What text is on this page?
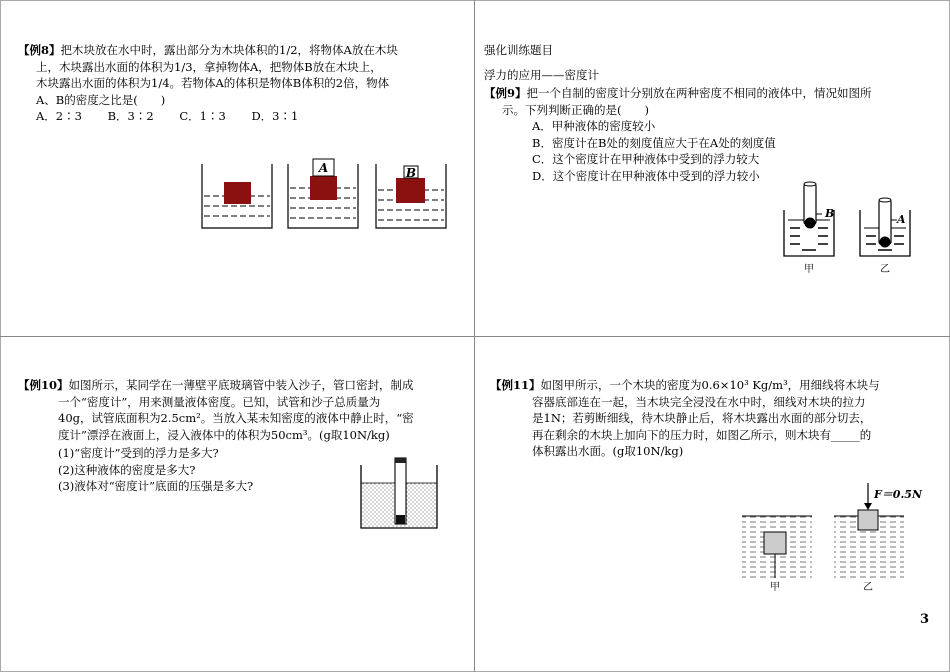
【例8】把木块放在水中时，露出部分为木块体积的1/2，将物体A放在木块
上，木块露出水面的体积为1/3，拿掉物体A，把物体B放在木块上，
木块露出水面的体积为1/4。若物体A的体积是物体B体积的2倍，物体
A、B的密度之比是(　　)
A．2∶3 B．3∶2 C．1∶3 D．3∶1
A	B
强化训练题目
浮力的应用——密度计
【例9】把一个自制的密度计分别放在两种密度不相同的液体中，情况如图所
示。下列判断正确的是(　　)
A．甲种液体的密度较小
B．密度计在B处的刻度值应大于在A处的刻度值
C．这个密度计在甲种液体中受到的浮力较大
D．这个密度计在甲种液体中受到的浮力较小
B
甲
A
乙
【例10】如图所示，某同学在一薄壁平底玻璃管中装入沙子，管口密封，制成
一个“密度计”，用来测量液体密度。已知，试管和沙子总质量为
40g，试管底面积为2.5cm²。当放入某未知密度的液体中静止时，“密
度计”漂浮在液面上，浸入液体中的体积为50cm³。(g取10N/kg)
(1)“密度计”受到的浮力是多大?
(2)这种液体的密度是多大?
(3)液体对“密度计”底面的压强是多大?
【例11】如图甲所示，一个木块的密度为0.6×10³ Kg/m³，用细线将木块与
容器底部连在一起，当木块完全浸没在水中时，细线对木块的拉力
是1N；若剪断细线，待木块静止后，将木块露出水面的部分切去，
再在剩余的木块上加向下的压力时，如图乙所示，则木块有_____的
体积露出水面。(g取10N/kg)
甲
F＝0.5N
乙
3
